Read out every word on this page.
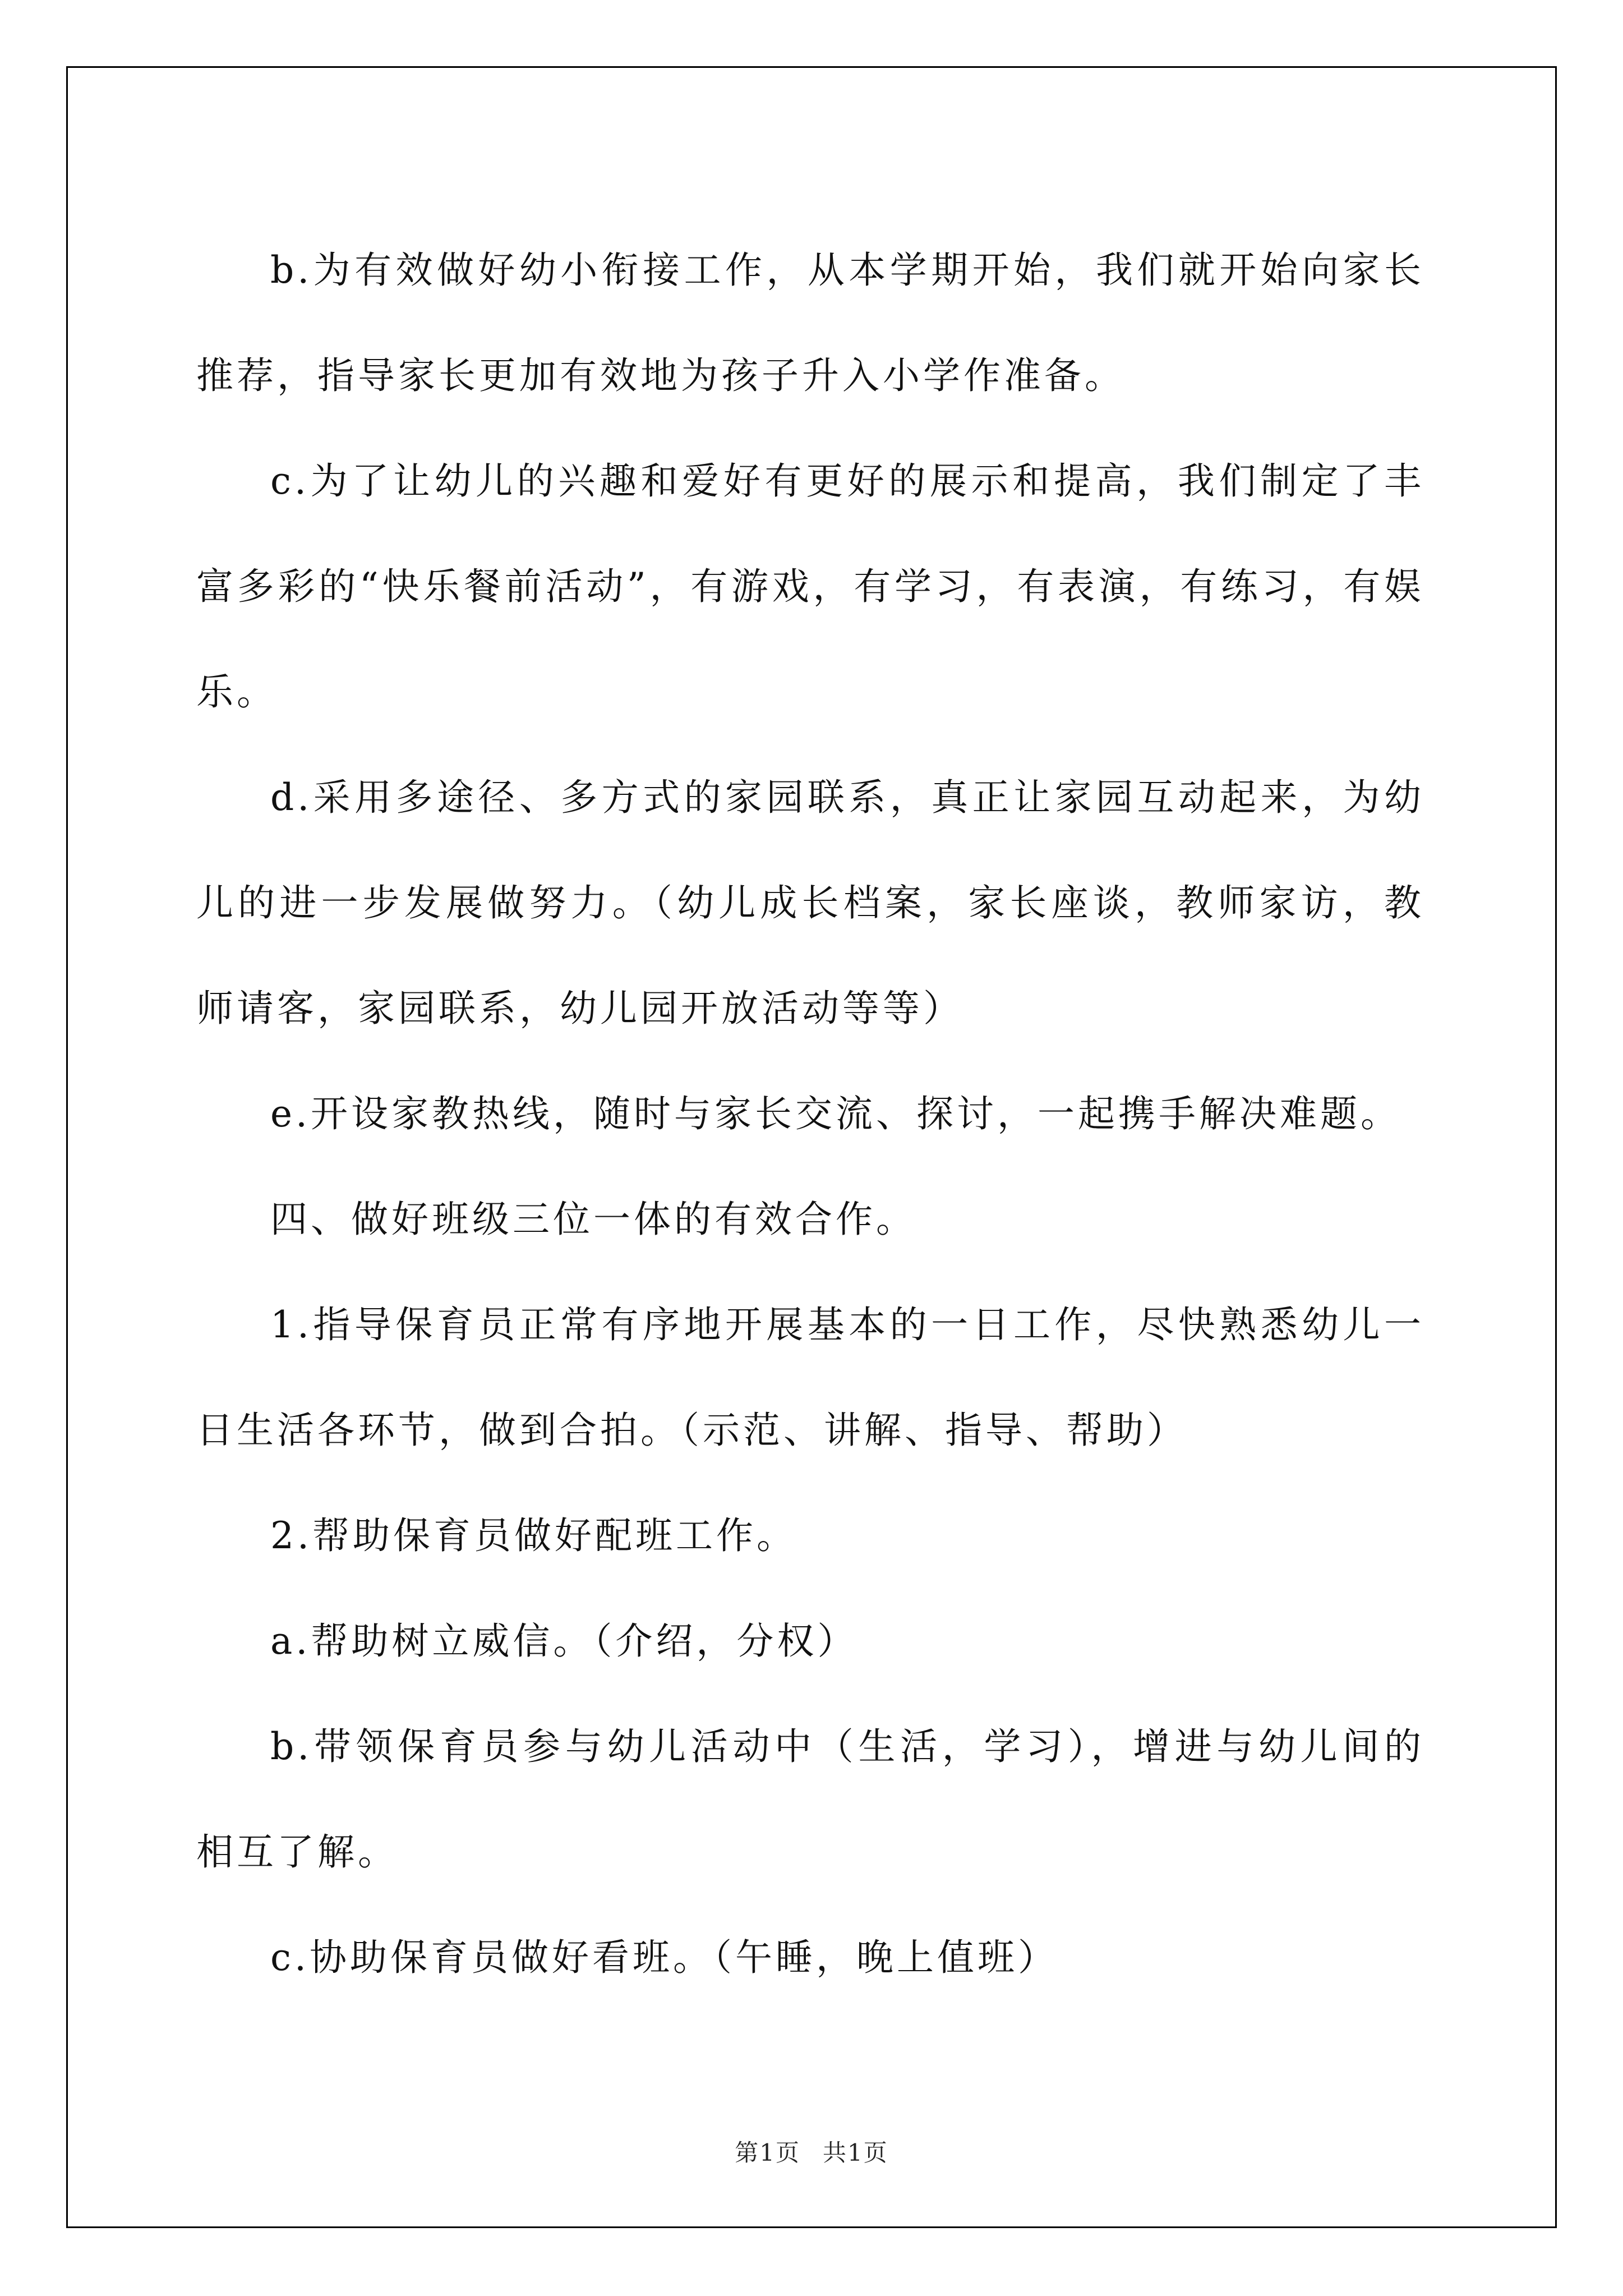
b.为有效做好幼小衔接工作，从本学期开始，我们就开始向家长推荐，指导家长更加有效地为孩子升入小学作准备。

c.为了让幼儿的兴趣和爱好有更好的展示和提高，我们制定了丰富多彩的“快乐餐前活动”，有游戏，有学习，有表演，有练习，有娱乐。

d.采用多途径、多方式的家园联系，真正让家园互动起来，为幼儿的进一步发展做努力。（幼儿成长档案，家长座谈，教师家访，教师请客，家园联系，幼儿园开放活动等等）

e.开设家教热线，随时与家长交流、探讨，一起携手解决难题。

四、做好班级三位一体的有效合作。

1.指导保育员正常有序地开展基本的一日工作，尽快熟悉幼儿一日生活各环节，做到合拍。（示范、讲解、指导、帮助）

2.帮助保育员做好配班工作。

a.帮助树立威信。（介绍，分权）

b.带领保育员参与幼儿活动中（生活，学习），增进与幼儿间的相互了解。

c.协助保育员做好看班。（午睡，晚上值班）

第1页 共1页
